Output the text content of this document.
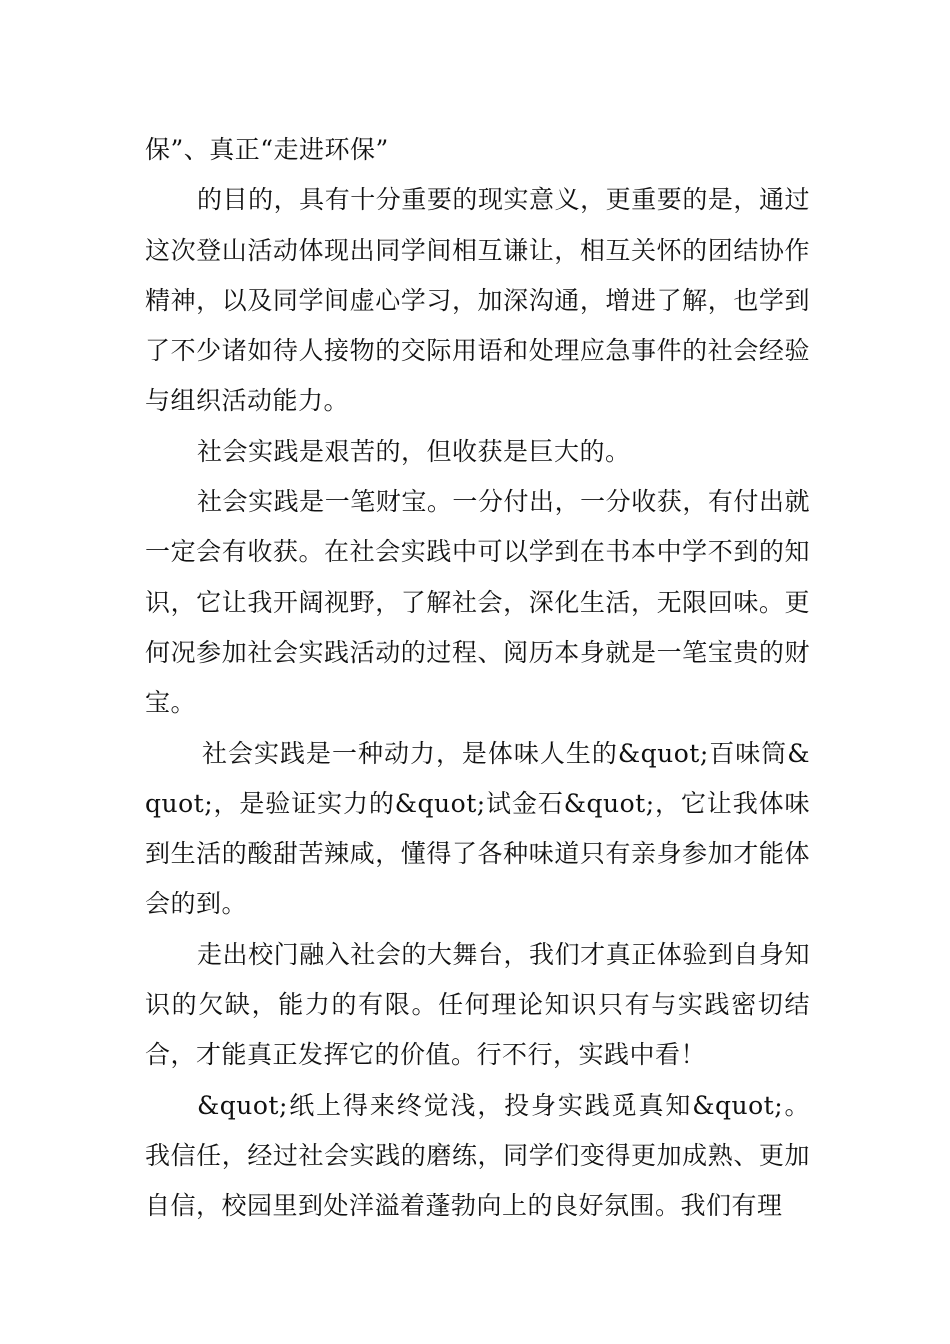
保”、真正“走进环保”

的目的，具有十分重要的现实意义，更重要的是，通过这次登山活动体现出同学间相互谦让，相互关怀的团结协作精神，以及同学间虚心学习，加深沟通，增进了解，也学到了不少诸如待人接物的交际用语和处理应急事件的社会经验与组织活动能力。

社会实践是艰苦的，但收获是巨大的。

社会实践是一笔财宝。一分付出，一分收获，有付出就一定会有收获。在社会实践中可以学到在书本中学不到的知识，它让我开阔视野，了解社会，深化生活，无限回味。更何况参加社会实践活动的过程、阅历本身就是一笔宝贵的财宝。

社会实践是一种动力，是体味人生的&quot;百味筒&quot;，是验证实力的&quot;试金石&quot;，它让我体味到生活的酸甜苦辣咸，懂得了各种味道只有亲身参加才能体会的到。

走出校门融入社会的大舞台，我们才真正体验到自身知识的欠缺，能力的有限。任何理论知识只有与实践密切结合，才能真正发挥它的价值。行不行，实践中看！

&quot;纸上得来终觉浅，投身实践觅真知&quot;。我信任，经过社会实践的磨练，同学们变得更加成熟、更加自信，校园里到处洋溢着蓬勃向上的良好氛围。我们有理
